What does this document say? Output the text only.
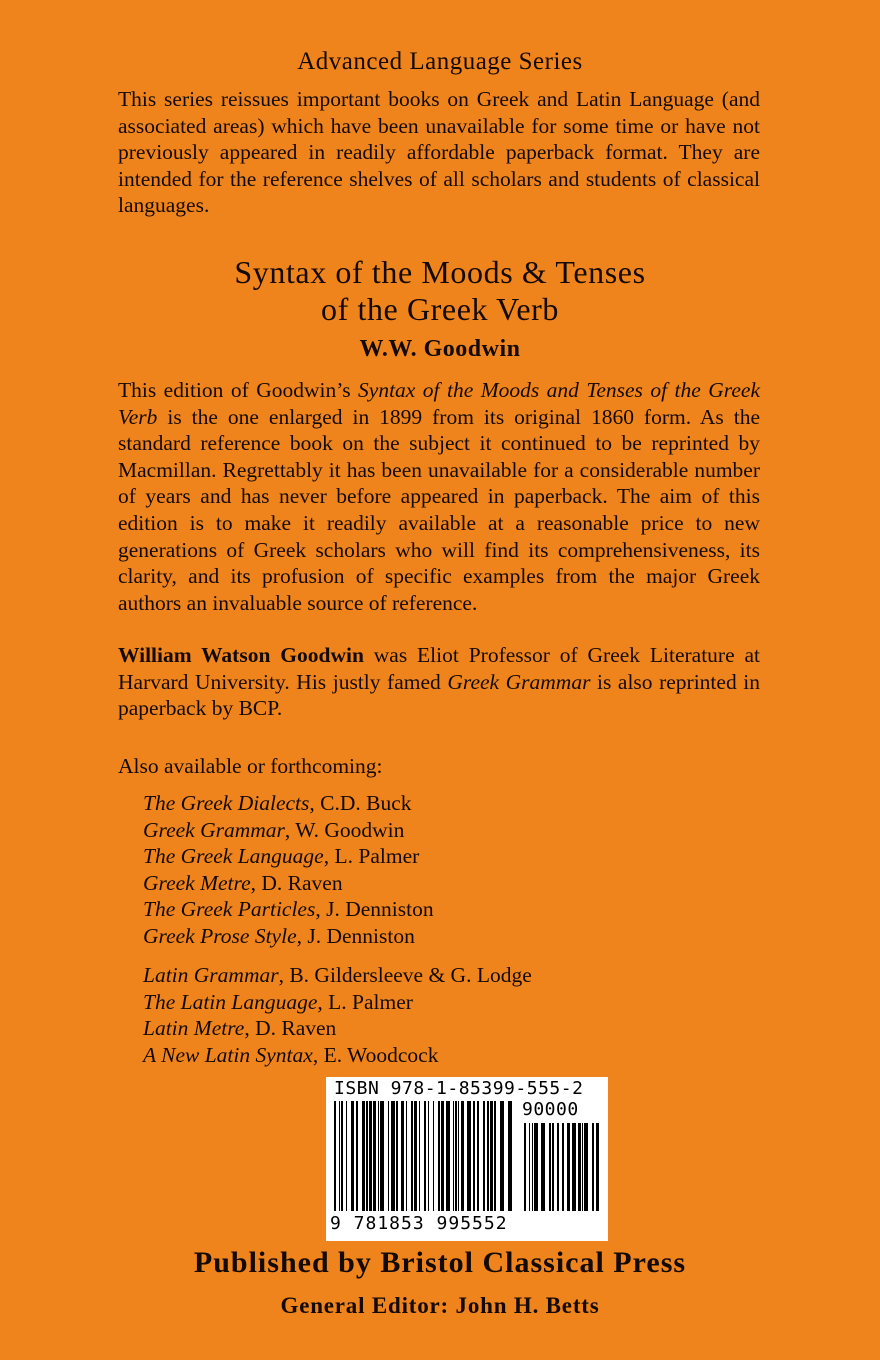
Advanced Language Series
This series reissues important books on Greek and Latin Language (and associated areas) which have been unavailable for some time or have not previously appeared in readily affordable paperback format. They are intended for the reference shelves of all scholars and students of classical languages.
Syntax of the Moods & Tenses
of the Greek Verb
W.W. Goodwin
This edition of Goodwin’s Syntax of the Moods and Tenses of the Greek Verb is the one enlarged in 1899 from its original 1860 form. As the standard reference book on the subject it continued to be reprinted by Macmillan. Regrettably it has been unavailable for a considerable number of years and has never before appeared in paperback. The aim of this edition is to make it readily available at a reasonable price to new generations of Greek scholars who will find its comprehensiveness, its clarity, and its profusion of specific examples from the major Greek authors an invaluable source of reference.
William Watson Goodwin was Eliot Professor of Greek Literature at Harvard University. His justly famed Greek Grammar is also reprinted in paperback by BCP.
Also available or forthcoming:
The Greek Dialects, C.D. Buck
Greek Grammar, W. Goodwin
The Greek Language, L. Palmer
Greek Metre, D. Raven
The Greek Particles, J. Denniston
Greek Prose Style, J. Denniston
Latin Grammar, B. Gildersleeve & G. Lodge
The Latin Language, L. Palmer
Latin Metre, D. Raven
A New Latin Syntax, E. Woodcock
ISBN 978-1-85399-555-2
90000
9 781853 995552
Published by Bristol Classical Press
General Editor: John H. Betts
